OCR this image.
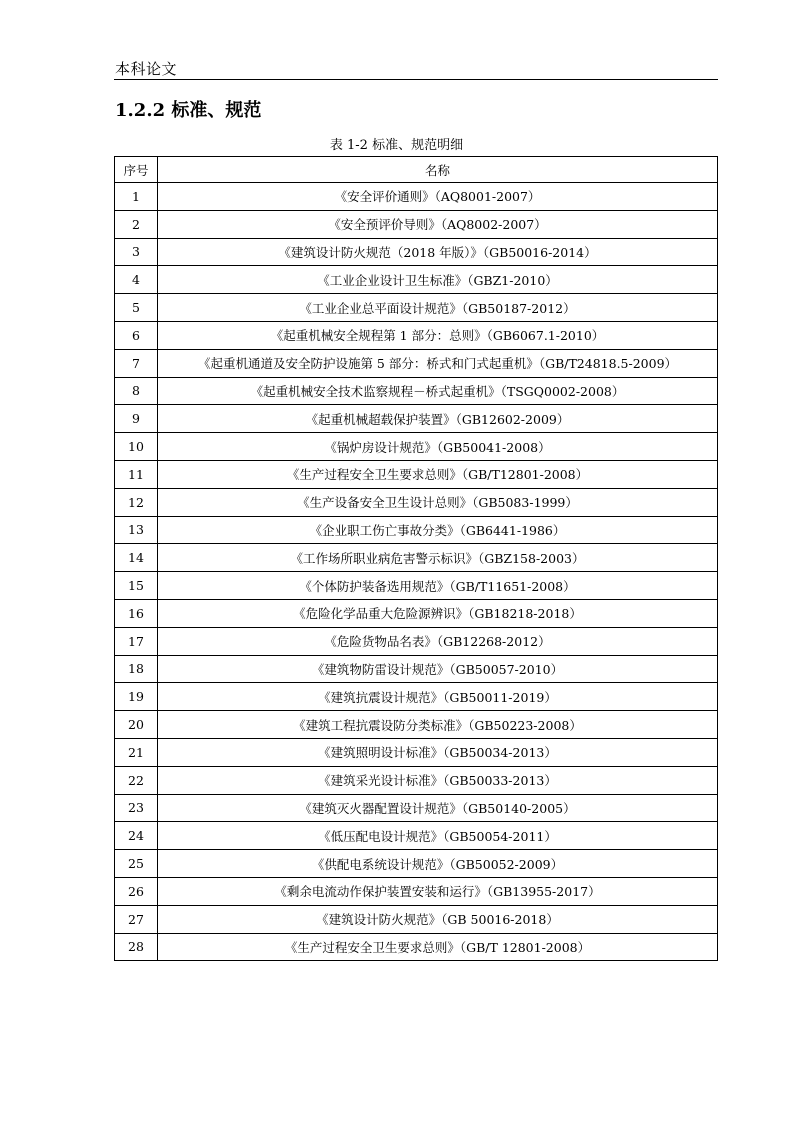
本科论文
1.2.2 标准、规范
表 1-2 标准、规范明细
序号	名称
1	《安全评价通则》（AQ8001-2007）
2	《安全预评价导则》（AQ8002-2007）
3	《建筑设计防火规范（2018 年版）》（GB50016-2014）
4	《工业企业设计卫生标准》（GBZ1-2010）
5	《工业企业总平面设计规范》（GB50187-2012）
6	《起重机械安全规程第 1 部分：总则》（GB6067.1-2010）
7	《起重机通道及安全防护设施第 5 部分：桥式和门式起重机》（GB/T24818.5-2009）
8	《起重机械安全技术监察规程－桥式起重机》（TSGQ0002-2008）
9	《起重机械超载保护装置》（GB12602-2009）
10	《锅炉房设计规范》（GB50041-2008）
11	《生产过程安全卫生要求总则》（GB/T12801-2008）
12	《生产设备安全卫生设计总则》（GB5083-1999）
13	《企业职工伤亡事故分类》（GB6441-1986）
14	《工作场所职业病危害警示标识》（GBZ158-2003）
15	《个体防护装备选用规范》（GB/T11651-2008）
16	《危险化学品重大危险源辨识》（GB18218-2018）
17	《危险货物品名表》（GB12268-2012）
18	《建筑物防雷设计规范》（GB50057-2010）
19	《建筑抗震设计规范》（GB50011-2019）
20	《建筑工程抗震设防分类标准》（GB50223-2008）
21	《建筑照明设计标准》（GB50034-2013）
22	《建筑采光设计标准》（GB50033-2013）
23	《建筑灭火器配置设计规范》（GB50140-2005）
24	《低压配电设计规范》（GB50054-2011）
25	《供配电系统设计规范》（GB50052-2009）
26	《剩余电流动作保护装置安装和运行》（GB13955-2017）
27	《建筑设计防火规范》（GB 50016-2018）
28	《生产过程安全卫生要求总则》（GB/T 12801-2008）
